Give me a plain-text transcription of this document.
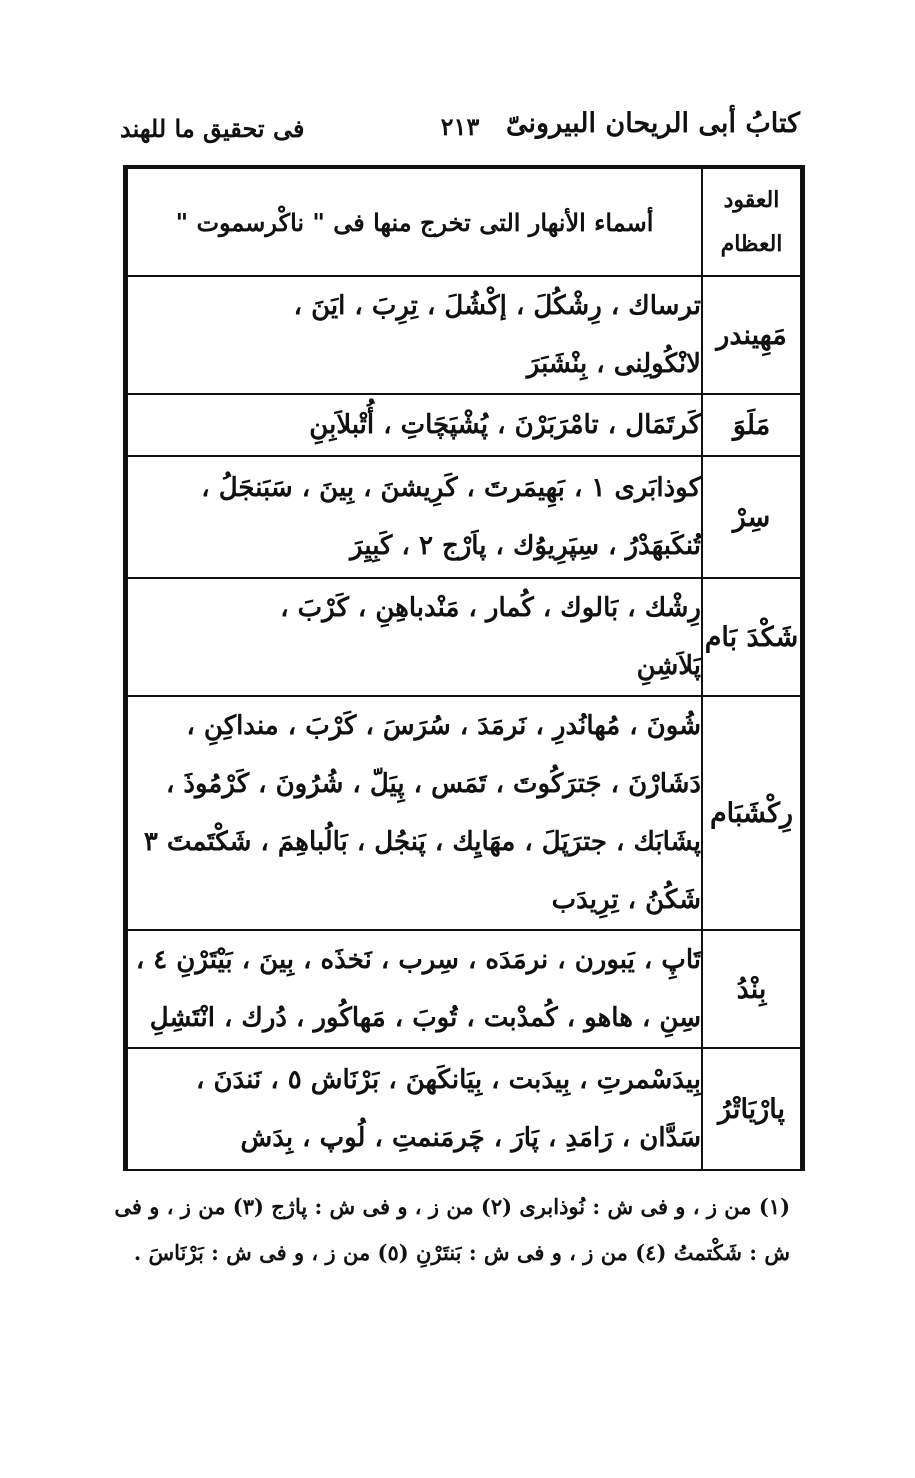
كتابُ أبى الريحان البيرونىّ
٢١٣
فى تحقيق ما للهند
العقود
العظام	أسماء الأنهار التى تخرج منها فى " ناكْرسموت "
مَهِيندر	ترساك ، رِشْكُلَ ، إكْشُلَ ، تِرِبَ ، ايَنَ ،
لانْكُولِنى ، بِنْشَبَرَ

مَلَوَ	كَرتَمَال ، تامْرَبَرْنَ ، پُشْپَچَاتِ ، أُتْبلاَبِنِ

سِرْ	كوذابَرى ١ ، بَهِيمَرتَ ، كَرِيشنَ ، بِينَ ، سَبَنجَلُ ،
تُنكَبهَدْرُ ، سِپَرِيوُك ، پاَرْج ٢ ، كَبِيِرَ

شَكْدَ بَام	رِشْك ، بَالوك ، كُمار ، مَنْدباهِنِ ، كَرْبَ ،
پَلاَشِنِ

رِكْشَبَام	شُونَ ، مُهانُدرِ ، نَرمَدَ ، سُرَسَ ، كَرْبَ ، منداكِنِ ،
دَشَارْنَ ، جَترَكُوتَ ، تَمَس ، پِيَلّ ، شُرُونَ ، كَرْمُوذَ ،
پشَابَك ، جترَپَلَ ، مهَايِك ، پَنجُل ، بَالُباهِمَ ، شَكْتَمتَ ٣
شَكُنُ ، تِرِيدَب

بِنْدُ	تَاپِ ، يَبورن ، نرمَدَه ، سِرب ، نَخذَه ، بِينَ ، بَيْتَرْنِ ٤ ،
سِنِ ، هاهو ، كُمدْبت ، تُوبَ ، مَهاكُور ، دُرك ، انْتَشِلِ

پارْيَاتْرُ	بِيدَسْمرتِ ، بِيدَبت ، بِيَانكَهنَ ، بَرْنَاش ٥ ، نَندَنَ ،
سَدَّان ، رَامَدِ ، پَارَ ، چَرمَنمتِ ، لُوپ ، بِدَش
(١) من ز ، و فى ش : نُوذابرى (٢) من ز ، و فى ش : پاژج (٣) من ز ، و فى
ش : شَكْتمتُ (٤) من ز ، و فى ش : بَنتَرْنِ (٥) من ز ، و فى ش : بَرْنَاسَ .
